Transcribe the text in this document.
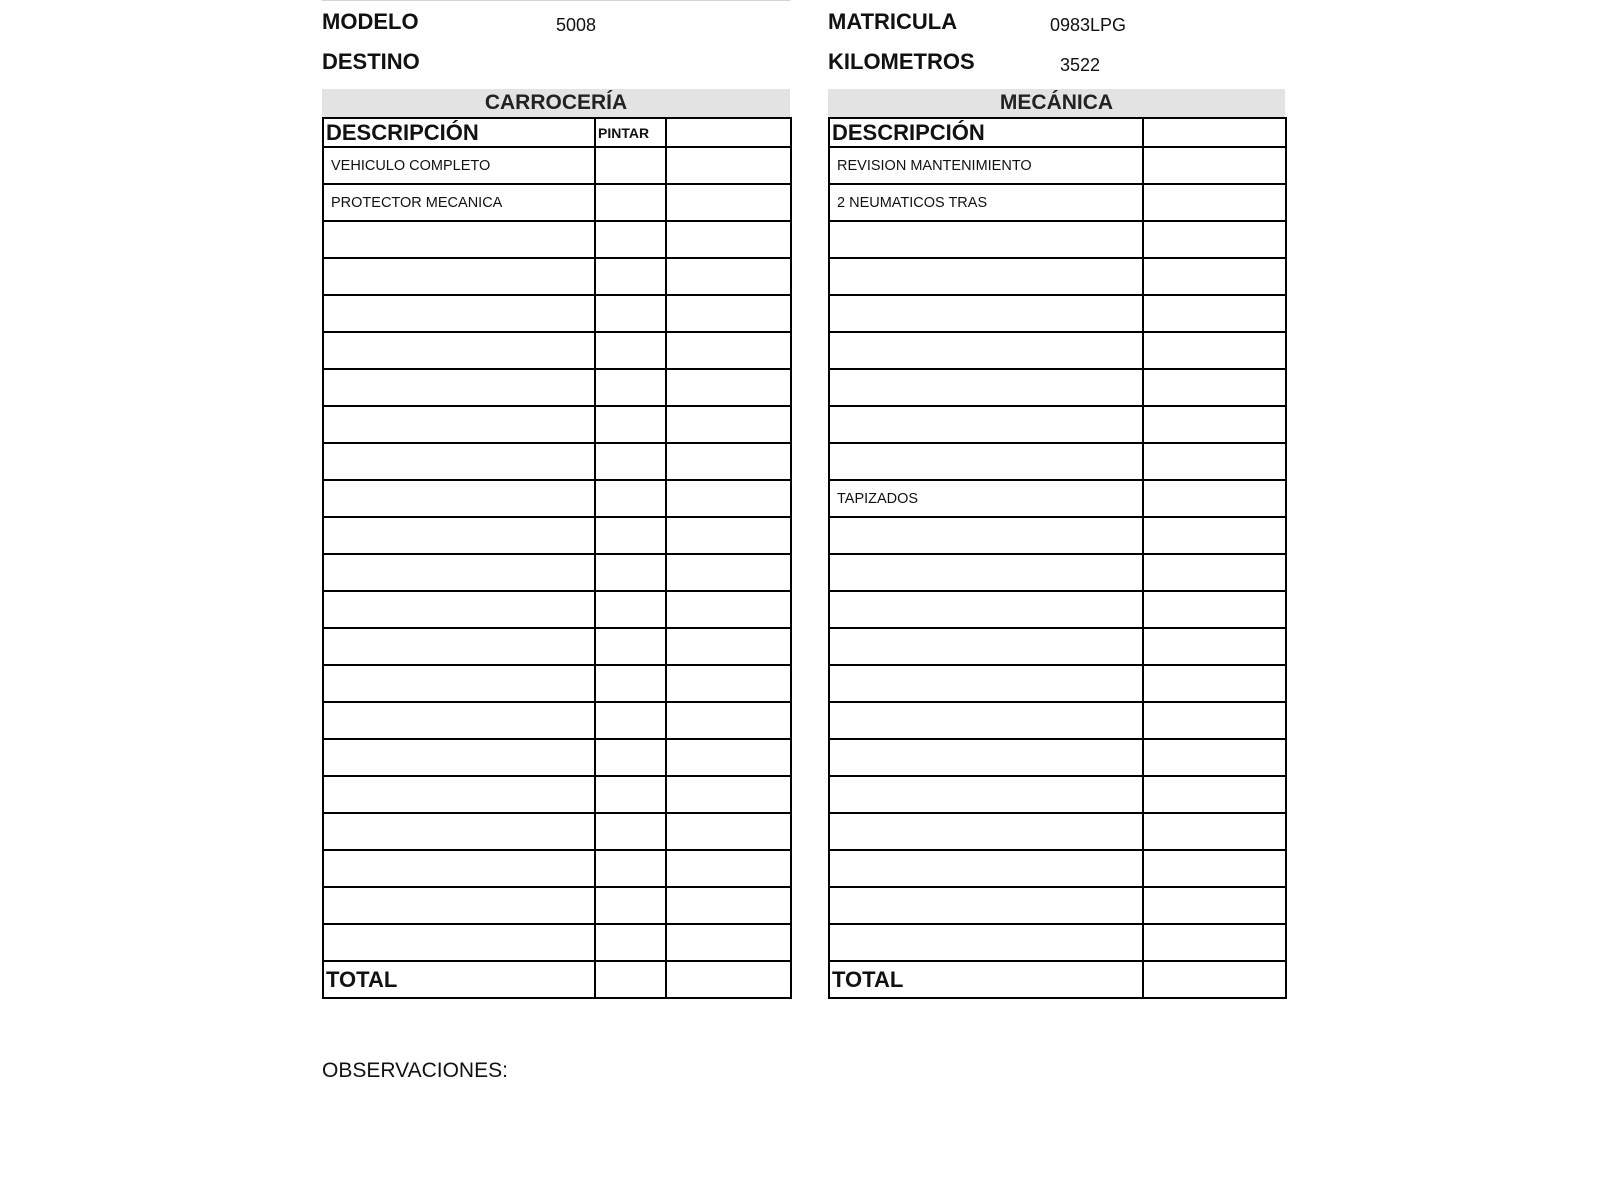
MODELO	5008
DESTINO
MATRICULA	0983LPG
KILOMETROS	3522
CARROCERÍA	MECÁNICA
DESCRIPCIÓN	PINTAR	
VEHICULO COMPLETO		
PROTECTOR MECANICA		

TOTAL		
DESCRIPCIÓN	
REVISION MANTENIMIENTO	
2 NEUMATICOS TRAS	

TAPIZADOS	

TOTAL	
OBSERVACIONES:
